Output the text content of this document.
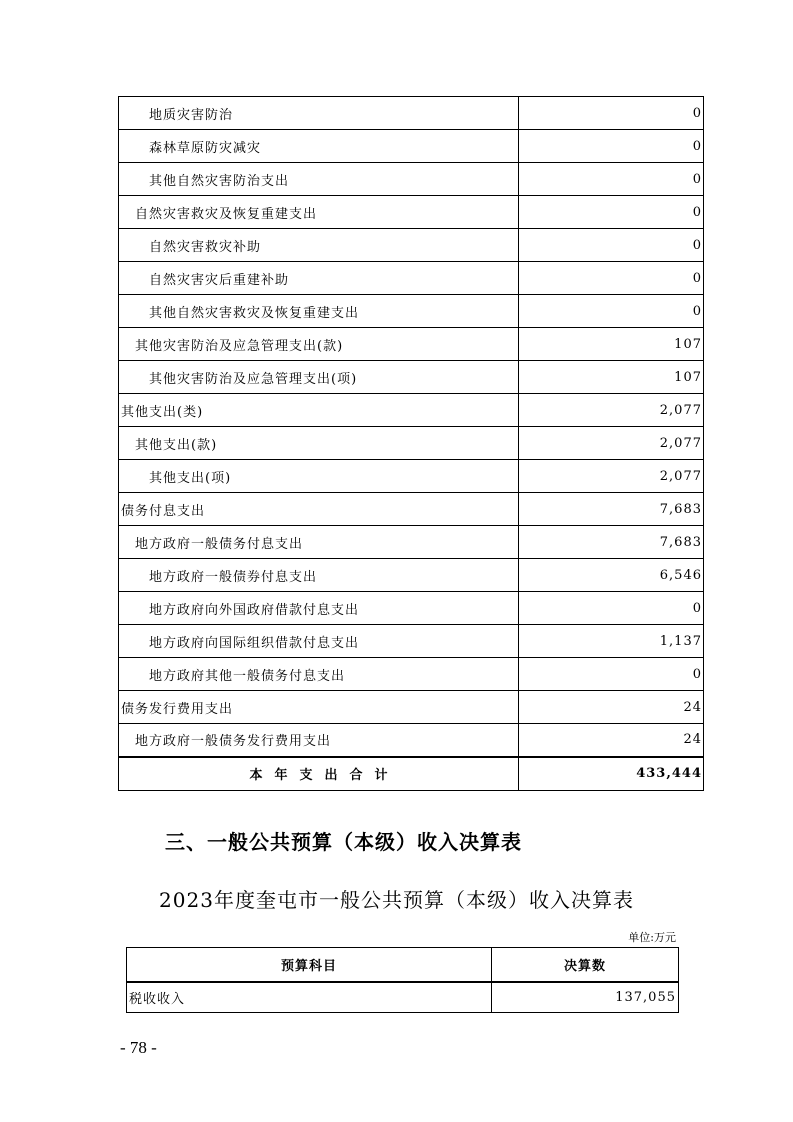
地质灾害防治	0
森林草原防灾减灾	0
其他自然灾害防治支出	0
自然灾害救灾及恢复重建支出	0
自然灾害救灾补助	0
自然灾害灾后重建补助	0
其他自然灾害救灾及恢复重建支出	0
其他灾害防治及应急管理支出(款)	107
其他灾害防治及应急管理支出(项)	107
其他支出(类)	2,077
其他支出(款)	2,077
其他支出(项)	2,077
债务付息支出	7,683
地方政府一般债务付息支出	7,683
地方政府一般债券付息支出	6,546
地方政府向外国政府借款付息支出	0
地方政府向国际组织借款付息支出	1,137
地方政府其他一般债务付息支出	0
债务发行费用支出	24
地方政府一般债务发行费用支出	24
本年支出合计	433,444
三、一般公共预算（本级）收入决算表
2023年度奎屯市一般公共预算（本级）收入决算表
单位:万元
预算科目	决算数
税收收入	137,055
- 78 -
